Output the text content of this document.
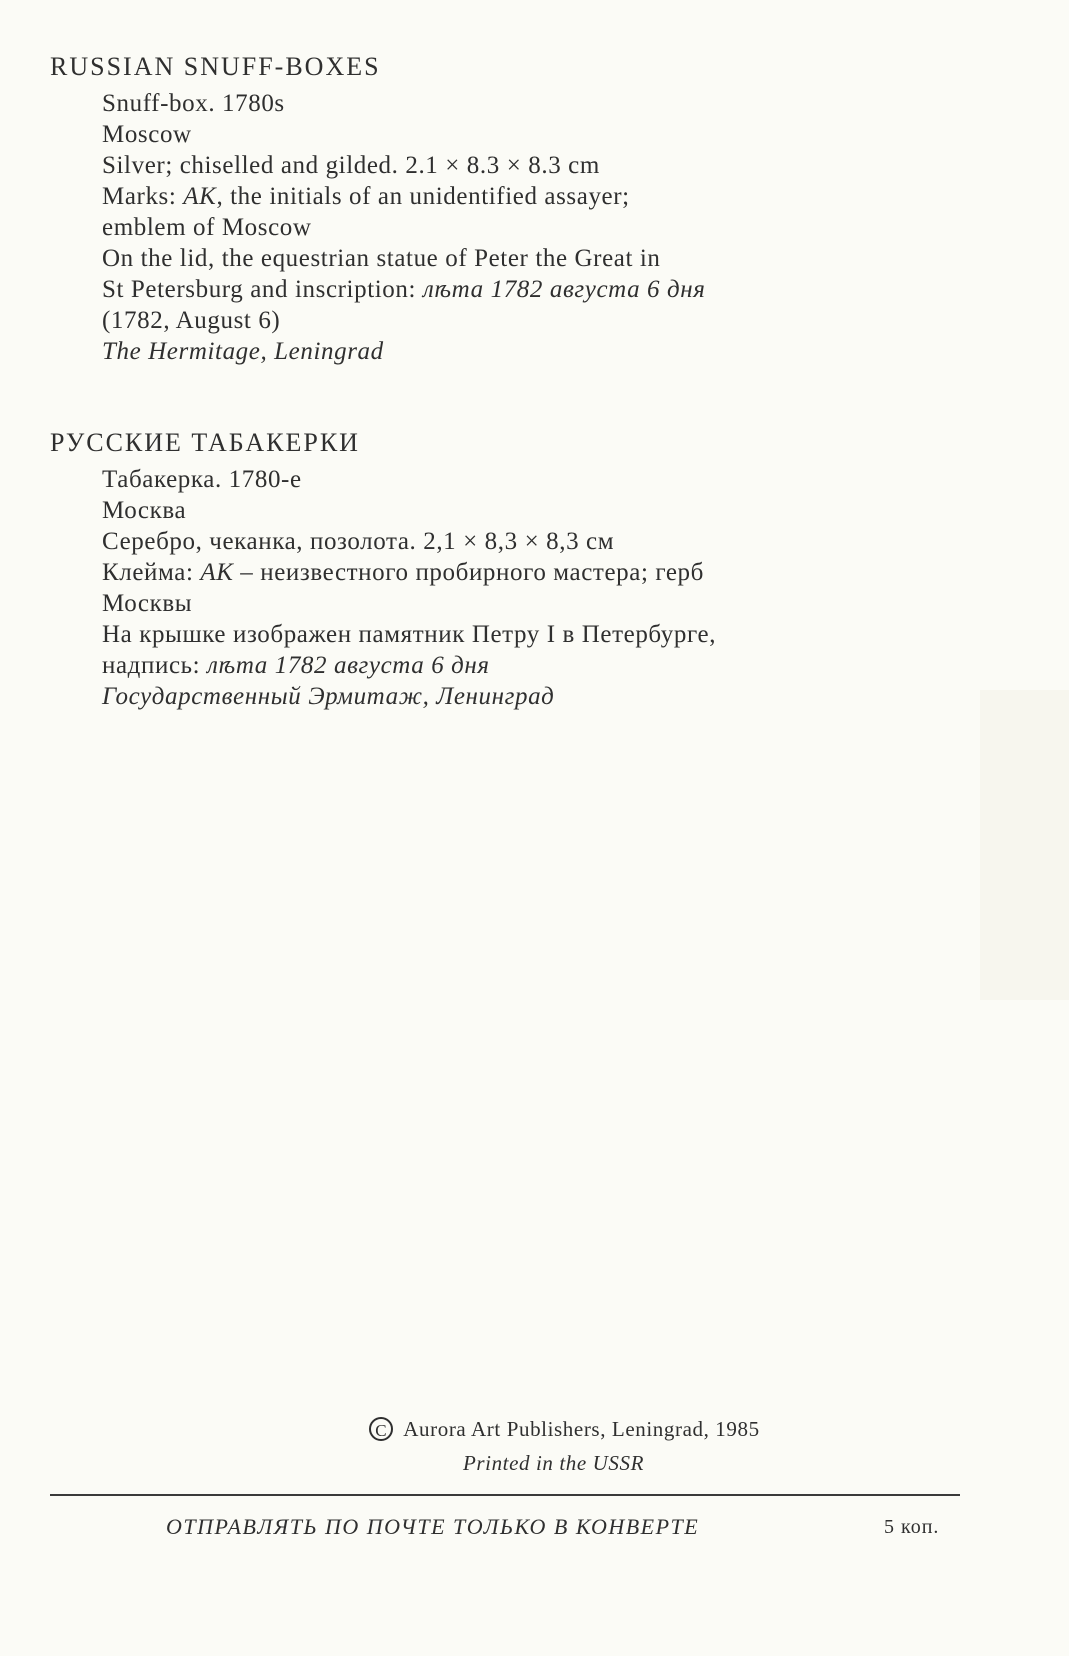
RUSSIAN SNUFF-BOXES
Snuff-box. 1780s
Moscow
Silver; chiselled and gilded. 2.1 × 8.3 × 8.3 cm
Marks: AK, the initials of an unidentified assayer;
emblem of Moscow
On the lid, the equestrian statue of Peter the Great in
St Petersburg and inscription: лѣта 1782 августа 6 дня
(1782, August 6)
The Hermitage, Leningrad
РУССКИЕ ТАБАКЕРКИ
Табакерка. 1780-е
Москва
Серебро, чеканка, позолота. 2,1 × 8,3 × 8,3 см
Клейма: АК – неизвестного пробирного мастера; герб
Москвы
На крышке изображен памятник Петру I в Петербурге,
надпись: лѣта 1782 августа 6 дня
Государственный Эрмитаж, Ленинград
C Aurora Art Publishers, Leningrad, 1985
Printed in the USSR
ОТПРАВЛЯТЬ ПО ПОЧТЕ ТОЛЬКО В КОНВЕРТЕ	5 коп.
